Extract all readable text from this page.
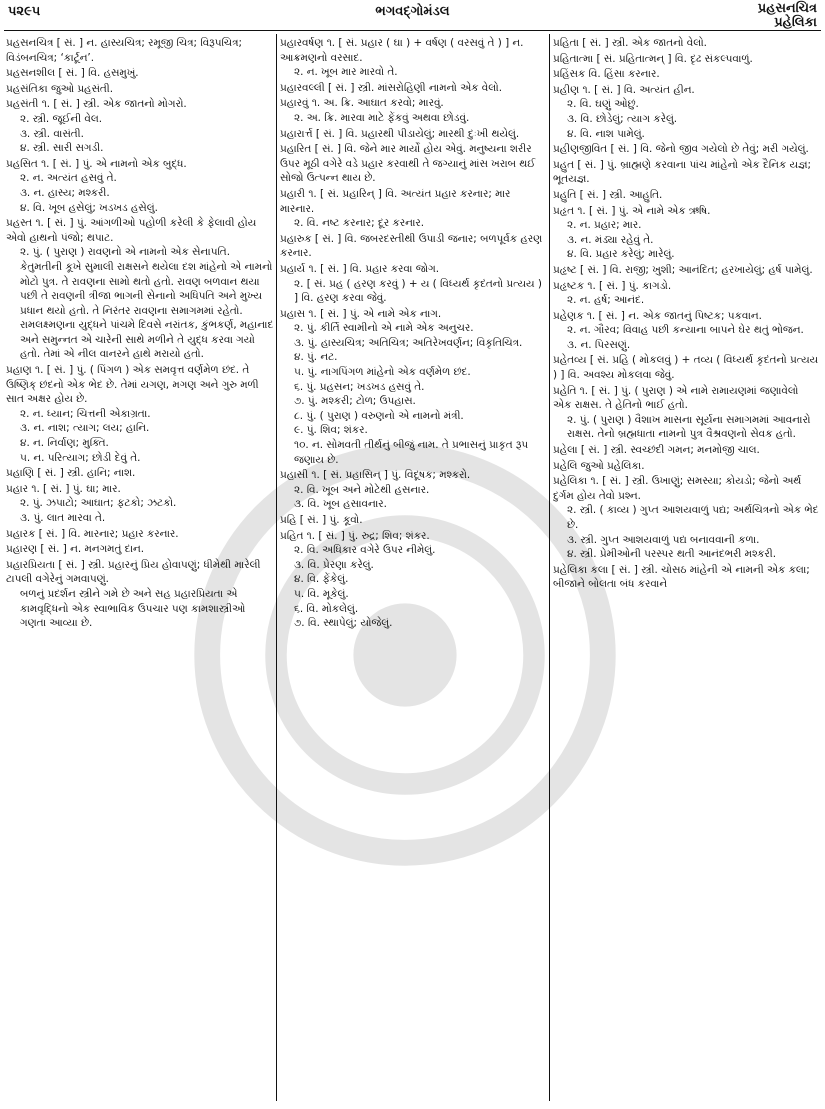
પ૨૯૫	ભગવદ્ગોમંડલ	પ્રહસનચિત્ર
પ્રહેલિકા
પ્રહસનચિત્ર [ સં. ] ન. હાસ્યચિત્ર; રમૂજી ચિત્ર; વિરૂપચિત્ર; વિડંબનચિત્ર; ‘કાર્ટૂન’.
પ્રહસનશીલ [ સં. ] વિ. હસમુખું.
પ્રહસંતિકા જુઓ પ્રહસંતી.
પ્રહસંતી ૧. [ સં. ] સ્ત્રી. એક જાતનો મોગરો.
૨. સ્ત્રી. જૂઈની વેલ.
૩. સ્ત્રી. વાસંતી.
૪. સ્ત્રી. સારી સગડી.
પ્રહસિત ૧. [ સં. ] પું. એ નામનો એક બુદ્ધ.
૨. ન. અત્યંત હસવું તે.
૩. ન. હાસ્ય; મશ્કરી.
૪. વિ. ખૂબ હસેલું; ખડખડ હસેલું.
પ્રહસ્ત ૧. [ સં. ] પું. આંગળીઓ પહોળી કરેલી કે ફેલાવી હોય એવો હાથનો પંજો; થપાટ.
૨. પું. ( પુરાણ ) રાવણનો એ નામનો એક સેનાપતિ. કેતુમતીની કૂખે સુમાલી રાક્ષસને થયેલા દશ માંહેનો એ નામનો મોટો પુત્ર. તે રાવણના સામો થતો હતો. રાવણ બળવાન થયા પછી તે રાવણની ત્રીજા ભાગની સેનાનો અધિપતિ અને મુખ્ય પ્રધાન થયો હતો. તે નિરંતર રાવણના સમાગમમાં રહેતો. રામલક્ષ્મણના યુદ્ધને પાંચમે દિવસે નરાંતક, કુંભકર્ણ, મહાનાદ અને સમુન્નત એ ચારેની સાથે મળીને તે યુદ્ધ કરવા ગયો હતો. તેમાં એ નીલ વાનરને હાથે મરાયો હતો.
પ્રહાણ ૧. [ સં. ] પું. ( પિંગળ ) એક સમવૃત્ત વર્ણમેળ છંદ. તે ઉષ્ણિક્ છંદનો એક ભેદ છે. તેમાં યગણ, મગણ અને ગુરુ મળી સાત અક્ષર હોય છે.
૨. ન. ધ્યાન; ચિત્તની એકાગ્રતા.
૩. ન. નાશ; ત્યાગ; લય; હાનિ.
૪. ન. નિર્વાણ; મુક્તિ.
૫. ન. પરિત્યાગ; છોડી દેવું તે.
પ્રહાણિ [ સં. ] સ્ત્રી. હાનિ; નાશ.
પ્રહાર ૧. [ સં. ] પું. ઘા; માર.
૨. પું. ઝપાટો; આઘાત; ફટકો; ઝટકો.
૩. પું. લાત મારવા તે.
પ્રહારક [ સં. ] વિ. મારનાર; પ્રહાર કરનાર.
પ્રહારણ [ સં. ] ન. મનગમતું દાન.
પ્રહારપ્રિયતા [ સં. ] સ્ત્રી. પ્રહારનું પ્રિય હોવાપણું; ધીમેથી મારેલી ટાપલી વગેરેનું ગમવાપણું.
બળનું પ્રદર્શન સ્ત્રીને ગમે છે અને સહ પ્રહારપ્રિયતા એ કામવૃદ્ધિનો એક સ્વાભાવિક ઉપચાર પણ કામશાસ્ત્રીઓ ગણતા આવ્યા છે.
પ્રહારવર્ષણ ૧. [ સં. પ્રહાર ( ઘા ) + વર્ષણ ( વરસવું તે ) ] ન. આક્રમણનો વરસાદ.
૨. ન. ખૂબ માર મારવો તે.
પ્રહારવલ્લી [ સં. ] સ્ત્રી. માંસરોહિણી નામનો એક વેલો.
પ્રહારવું ૧. અ. ક્રિ. આઘાત કરવો; મારવું.
૨. અ. ક્રિ. મારવા માટે ફેંકવું અથવા છોડવું.
પ્રહારાર્ત્ત [ સં. ] વિ. પ્રહારથી પીડાયેલું; મારથી દુઃખી થયેલું.
પ્રહારિત [ સં. ] વિ. જેને માર માર્યો હોય એવું. મનુષ્યના શરીર ઉપર મૂઠી વગેરે વડે પ્રહાર કરવાથી તે જગ્યાનું માંસ ખરાબ થઈ સોજો ઉત્પન્ન થાય છે.
પ્રહારી ૧. [ સં. પ્રહારિન્ ] વિ. અત્યંત પ્રહાર કરનાર; માર મારનાર.
૨. વિ. નષ્ટ કરનાર; દૂર કરનાર.
પ્રહારુક [ સં. ] વિ. જબરદસ્તીથી ઉપાડી જનાર; બળપૂર્વક હરણ કરનાર.
પ્રહાર્ય ૧. [ સં. ] વિ. પ્રહાર કરવા જોગ.
૨. [ સં. પ્રહ ( હરણ કરવું ) + ય ( વિધ્યર્થ કૃદંતનો પ્રત્યય ) ] વિ. હરણ કરવા જેવું.
પ્રહાસ ૧. [ સં. ] પું. એ નામે એક નાગ.
૨. પું. કીર્તિ સ્વામીનો એ નામે એક અનુચર.
૩. પું. હાસ્યચિત્ર; અતિચિત્ર; અતિરેખવર્ણન; વિકૃતિચિત્ર.
૪. પું. નટ.
૫. પું. નાગપિંગળ માંહેનો એક વર્ણમેળ છંદ.
૬. પું. પ્રહસન; ખડખડ હસવું તે.
૭. પું. મશ્કરી; ટોળ; ઉપહાસ.
૮. પું. ( પુરાણ ) વરુણનો એ નામનો મંત્રી.
૯. પું. શિવ; શંકર.
૧૦. ન. સોમવતી તીર્થનું બીજું નામ. તે પ્રભાસનું પ્રાકૃત રૂપ જણાય છે.
પ્રહાસી ૧. [ સં. પ્રહાસિન્ ] પું. વિદૂષક; મશ્કરો.
૨. વિ. ખૂબ અને મોટેથી હસનાર.
૩. વિ. ખૂબ હસાવનાર.
પ્રહિ [ સં. ] પું. કૂવો.
પ્રહિત ૧. [ સં. ] પું. રુદ્ર; શિવ; શંકર.
૨. વિ. અધિકાર વગેરે ઉપર નીમેલું.
૩. વિ. પ્રેરણા કરેલું.
૪. વિ. ફેંકેલું.
૫. વિ. મૂકેલું.
૬. વિ. મોકલેલું.
૭. વિ. સ્થાપેલું; યોજેલું.
પ્રહિતા [ સં. ] સ્ત્રી. એક જાતનો વેલો.
પ્રહિતાત્મા [ સં. પ્રહિતાત્મન્ ] વિ. દૃઢ સંકલ્પવાળું.
પ્રહિંસક વિ. હિંસા કરનાર.
પ્રહીણ ૧. [ સં. ] વિ. અત્યંત હીન.
૨. વિ. ઘણું ઓછું.
૩. વિ. છોડેલું; ત્યાગ કરેલું.
૪. વિ. નાશ પામેલું.
પ્રહીણજીવિત [ સં. ] વિ. જેનો જીવ ગયેલો છે તેવું; મરી ગયેલું.
પ્રહુત [ સં. ] પું. બ્રાહ્મણે કરવાના પાંચ માંહેનો એક દૈનિક યજ્ઞ; ભૂતયજ્ઞ.
પ્રહુતિ [ સં. ] સ્ત્રી. આહુતિ.
પ્રહૃત ૧. [ સં. ] પું. એ નામે એક ઋષિ.
૨. ન. પ્રહાર; માર.
૩. ન. મંડ્યા રહેવું તે.
૪. વિ. પ્રહાર કરેલું; મારેલું.
પ્રહૃષ્ટ [ સં. ] વિ. રાજી; ખુશી; આનંદિત; હરખાયેલું; હર્ષ પામેલું.
પ્રહૃષ્ટક ૧. [ સં. ] પું. કાગડો.
૨. ન. હર્ષ; આનંદ.
પ્રહેણક ૧. [ સં. ] ન. એક જાતનું પિષ્ટક; પકવાન.
૨. ન. ગૌરવ; વિવાહ પછી કન્યાના બાપને ઘેર થતું ભોજન.
૩. ન. પિરસણું.
પ્રહેતવ્ય [ સં. પ્રહિ ( મોકલવું ) + તવ્ય ( વિધ્યર્થ કૃદંતનો પ્રત્યય ) ] વિ. અવશ્ય મોકલવા જેવું.
પ્રહેતિ ૧. [ સં. ] પું. ( પુરાણ ) એ નામે રામાયણમાં જણાવેલો એક રાક્ષસ. તે હેતિનો ભાઈ હતો.
૨. પું. ( પુરાણ ) વૈશાખ માસના સૂર્યના સમાગમમાં આવનારો રાક્ષસ. તેનો બ્રહ્મધાતા નામનો પુત્ર વૈશ્રવણનો સેવક હતો.
પ્રહેલા [ સં. ] સ્ત્રી. સ્વચ્છંદી ગમન; મનમોજી ચાલ.
પ્રહેલિ જુઓ પ્રહેલિકા.
પ્રહેલિકા ૧. [ સં. ] સ્ત્રી. ઉખાણું; સમસ્યા; કોયડો; જેનો અર્થ દુર્ગમ હોય તેવો પ્રશ્ન.
૨. સ્ત્રી. ( કાવ્ય ) ગુપ્ત આશયવાળું પદ્ય; અર્થચિત્રનો એક ભેદ છે.
૩. સ્ત્રી. ગુપ્ત આશયવાળું પદ્ય બનાવવાની કળા.
૪. સ્ત્રી. પ્રેમીઓની પરસ્પર થતી આનંદભરી મશ્કરી.
પ્રહેલિકા કલા [ સં. ] સ્ત્રી. ચોસઠ માંહેની એ નામની એક કલા; બીજાને બોલતા બંધ કરવાને
